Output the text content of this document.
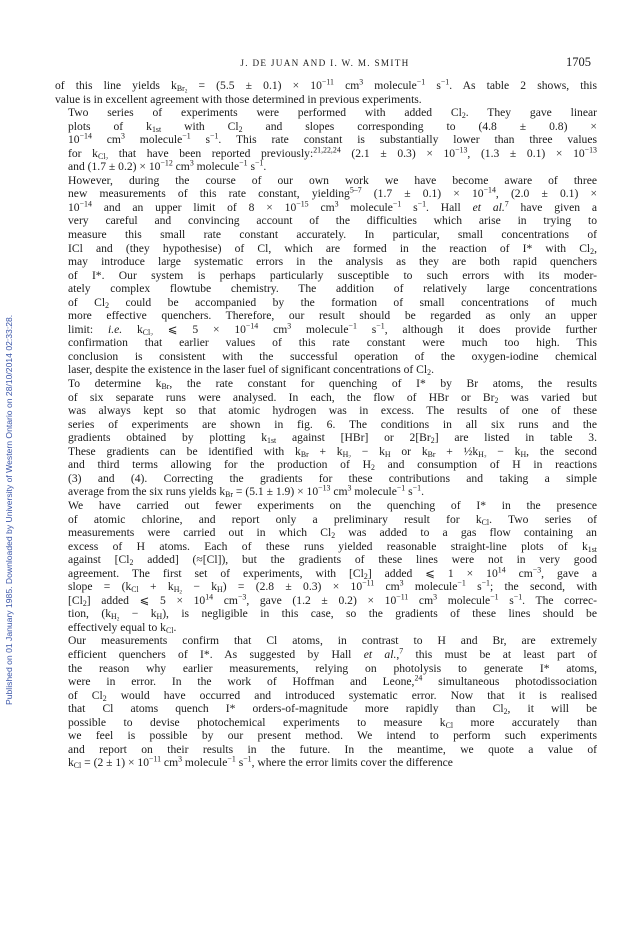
Published on 01 January 1985. Downloaded by University of Western Ontario on 28/10/2014 02:33:28.
J. DE JUAN AND I. W. M. SMITH	1705

of this line yields $k_{Br_2} = (5.5 \pm 0.1) \times 10^{-11}$ $cm^3$ molecule$^{-1}$ $s^{-1}$. As table 2 shows, this
value is in excellent agreement with those determined in previous experiments.

Two series of experiments were performed with added $Cl_2$. They gave linear
plots of $k_{1st}$ with $Cl_2$ and slopes corresponding to (4.8 ± 0.8) ×
$10^{-14}$ $cm^3$ molecule$^{-1}$ $s^{-1}$. This rate constant is substantially lower than three values
for $k_{Cl_2}$ that have been reported previously:$^{21,22,24}$ $(2.1 \pm 0.3) \times 10^{-13}$, $(1.3 \pm 0.1) \times 10^{-13}$
and $(1.7 \pm 0.2) \times 10^{-12}$ $cm^3$ molecule$^{-1}$ $s^{-1}$.

However, during the course of our own work we have become aware of three
new measurements of this rate constant, yielding$^{5-7}$ $(1.7 \pm 0.1) \times 10^{-14}$, (2.0 ± 0.1) ×
$10^{-14}$ and an upper limit of $8 \times 10^{-15}$ $cm^3$ molecule$^{-1}$ $s^{-1}$. Hall et al.$^7$ have given a
very careful and convincing account of the difficulties which arise in trying to
measure this small rate constant accurately. In particular, small concentrations of
ICl and (they hypothesise) of Cl, which are formed in the reaction of I* with $Cl_2$,
may introduce large systematic errors in the analysis as they are both rapid quenchers
of I*. Our system is perhaps particularly susceptible to such errors with its moder-
ately complex flowtube chemistry. The addition of relatively large concentrations
of $Cl_2$ could be accompanied by the formation of small concentrations of much
more effective quenchers. Therefore, our result should be regarded as only an upper
limit: i.e. $k_{Cl_2}$ ⩽ $5 \times 10^{-14}$ $cm^3$ molecule$^{-1}$ $s^{-1}$, although it does provide further
confirmation that earlier values of this rate constant were much too high. This
conclusion is consistent with the successful operation of the oxygen-iodine chemical
laser, despite the existence in the laser fuel of significant concentrations of $Cl_2$.

To determine $k_{Br}$, the rate constant for quenching of I* by Br atoms, the results
of six separate runs were analysed. In each, the flow of HBr or $Br_2$ was varied but
was always kept so that atomic hydrogen was in excess. The results of one of these
series of experiments are shown in fig. 6. The conditions in all six runs and the
gradients obtained by plotting $k_{1st}$ against [HBr] or $2[Br_2]$ are listed in table 3.
These gradients can be identified with $k_{Br} + k_{H_2} - k_H$ or $k_{Br}$ + $\frac{1}{2}k_{H_2} - k_H$, the second
and third terms allowing for the production of $H_2$ and consumption of H in reactions
(3) and (4). Correcting the gradients for these contributions and taking a simple
average from the six runs yields $k_{Br} = (5.1 \pm 1.9) \times 10^{-13}$ $cm^3$ molecule$^{-1}$ $s^{-1}$.

We have carried out fewer experiments on the quenching of I* in the presence
of atomic chlorine, and report only a preliminary result for $k_{Cl}$. Two series of
measurements were carried out in which $Cl_2$ was added to a gas flow containing an
excess of H atoms. Each of these runs yielded reasonable straight-line plots of $k_{1st}$
against [$Cl_2$ added] (≈[Cl]), but the gradients of these lines were not in very good
agreement. The first set of experiments, with $[Cl_2]$ added ⩽ $1 \times 10^{14}$ $cm^{-3}$, gave a
slope = $(k_{Cl} + k_{H_2} - k_H) = (2.8 \pm 0.3) \times 10^{-11}$ $cm^3$ molecule$^{-1}$ $s^{-1}$; the second, with
$[Cl_2]$ added ⩽ $5 \times 10^{14}$ $cm^{-3}$, gave $(1.2 \pm 0.2) \times 10^{-11}$ $cm^3$ molecule$^{-1}$ $s^{-1}$. The correc-
tion, $(k_{H_2} - k_H)$, is negligible in this case, so the gradients of these lines should be
effectively equal to $k_{Cl}$.

Our measurements confirm that Cl atoms, in contrast to H and Br, are extremely
efficient quenchers of I*. As suggested by Hall et al.,$^7$ this must be at least part of
the reason why earlier measurements, relying on photolysis to generate I* atoms,
were in error. In the work of Hoffman and Leone,$^{24}$ simultaneous photodissociation
of $Cl_2$ would have occurred and introduced systematic error. Now that it is realised
that Cl atoms quench I* orders-of-magnitude more rapidly than $Cl_2$, it will be
possible to devise photochemical experiments to measure $k_{Cl}$ more accurately than
we feel is possible by our present method. We intend to perform such experiments
and report on their results in the future. In the meantime, we quote a value of
$k_{Cl} = (2 \pm 1) \times 10^{-11}$ $cm^3$ molecule$^{-1}$ $s^{-1}$, where the error limits cover the difference
